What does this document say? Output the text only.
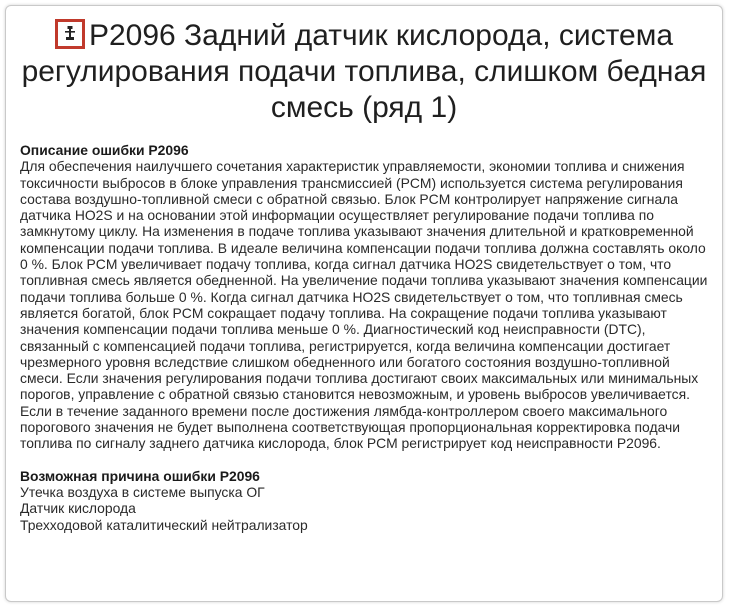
P2096 Задний датчик кислорода, система регулирования подачи топлива, слишком бедная смесь (ряд 1)

Описание ошибки P2096

Для обеспечения наилучшего сочетания характеристик управляемости, экономии топлива и снижения токсичности выбросов в блоке управления трансмиссией (PCM) используется система регулирования состава воздушно-топливной смеси с обратной связью. Блок PCM контролирует напряжение сигнала датчика HO2S и на основании этой информации осуществляет регулирование подачи топлива по замкнутому циклу. На изменения в подаче топлива указывают значения длительной и кратковременной компенсации подачи топлива. В идеале величина компенсации подачи топлива должна составлять около 0 %. Блок PCM увеличивает подачу топлива, когда сигнал датчика HO2S свидетельствует о том, что топливная смесь является обедненной. На увеличение подачи топлива указывают значения компенсации подачи топлива больше 0 %. Когда сигнал датчика HO2S свидетельствует о том, что топливная смесь является богатой, блок PCM сокращает подачу топлива. На сокращение подачи топлива указывают значения компенсации подачи топлива меньше 0 %. Диагностический код неисправности (DTC), связанный с компенсацией подачи топлива, регистрируется, когда величина компенсации достигает чрезмерного уровня вследствие слишком обедненного или богатого состояния воздушно-топливной смеси. Если значения регулирования подачи топлива достигают своих максимальных или минимальных порогов, управление с обратной связью становится невозможным, и уровень выбросов увеличивается. Если в течение заданного времени после достижения лямбда-контроллером своего максимального порогового значения не будет выполнена соответствующая пропорциональная корректировка подачи топлива по сигналу заднего датчика кислорода, блок PCM регистрирует код неисправности P2096.

Возможная причина ошибки P2096

Утечка воздуха в системе выпуска ОГ
Датчик кислорода
Трехходовой каталитический нейтрализатор
